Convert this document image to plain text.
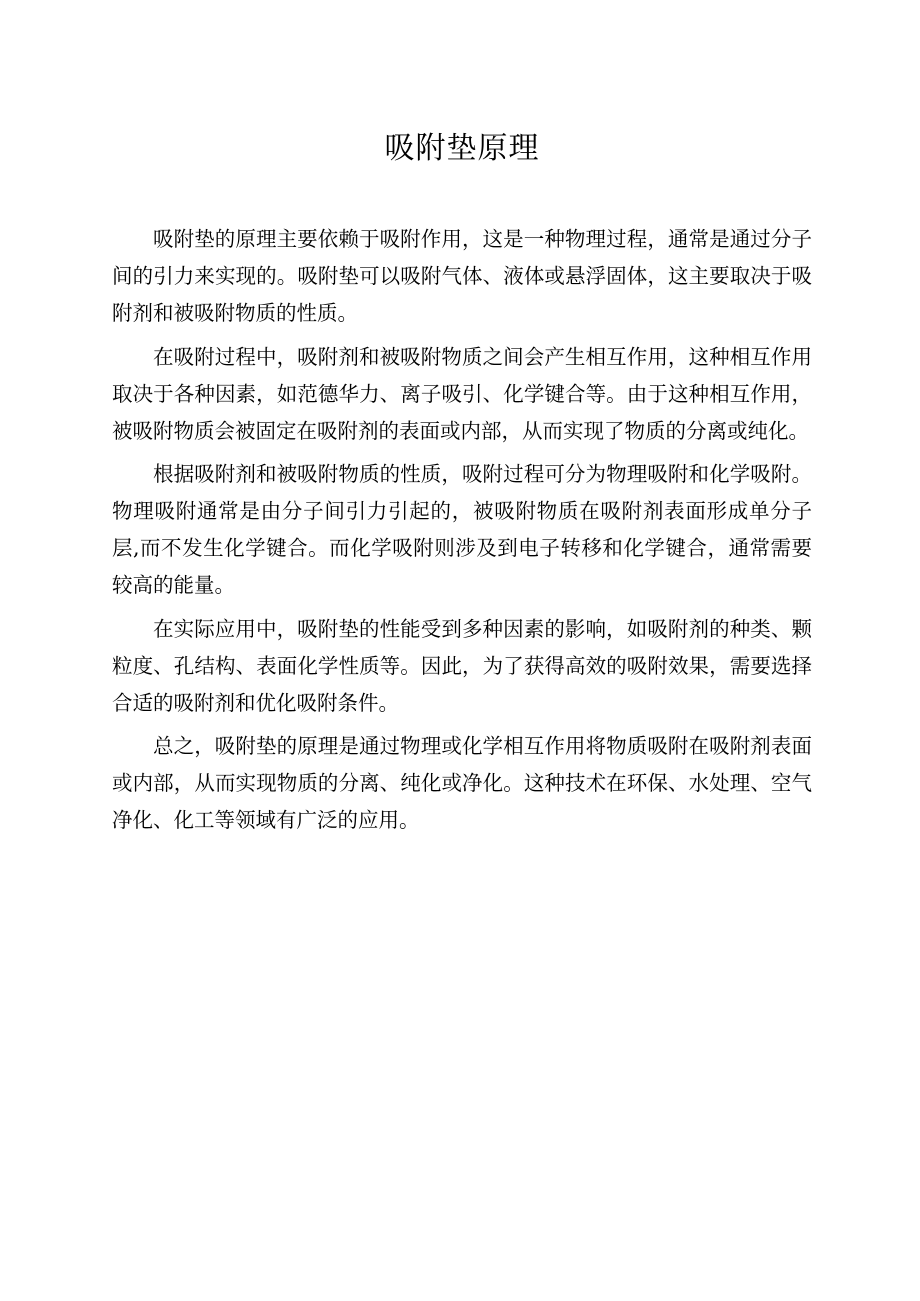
吸附垫原理

吸附垫的原理主要依赖于吸附作用，这是一种物理过程，通常是通过分子间的引力来实现的。吸附垫可以吸附气体、液体或悬浮固体，这主要取决于吸附剂和被吸附物质的性质。

在吸附过程中，吸附剂和被吸附物质之间会产生相互作用，这种相互作用取决于各种因素，如范德华力、离子吸引、化学键合等。由于这种相互作用，被吸附物质会被固定在吸附剂的表面或内部，从而实现了物质的分离或纯化。

根据吸附剂和被吸附物质的性质，吸附过程可分为物理吸附和化学吸附。物理吸附通常是由分子间引力引起的，被吸附物质在吸附剂表面形成单分子层,而不发生化学键合。而化学吸附则涉及到电子转移和化学键合，通常需要较高的能量。

在实际应用中，吸附垫的性能受到多种因素的影响，如吸附剂的种类、颗粒度、孔结构、表面化学性质等。因此，为了获得高效的吸附效果，需要选择合适的吸附剂和优化吸附条件。

总之，吸附垫的原理是通过物理或化学相互作用将物质吸附在吸附剂表面或内部，从而实现物质的分离、纯化或净化。这种技术在环保、水处理、空气净化、化工等领域有广泛的应用。
